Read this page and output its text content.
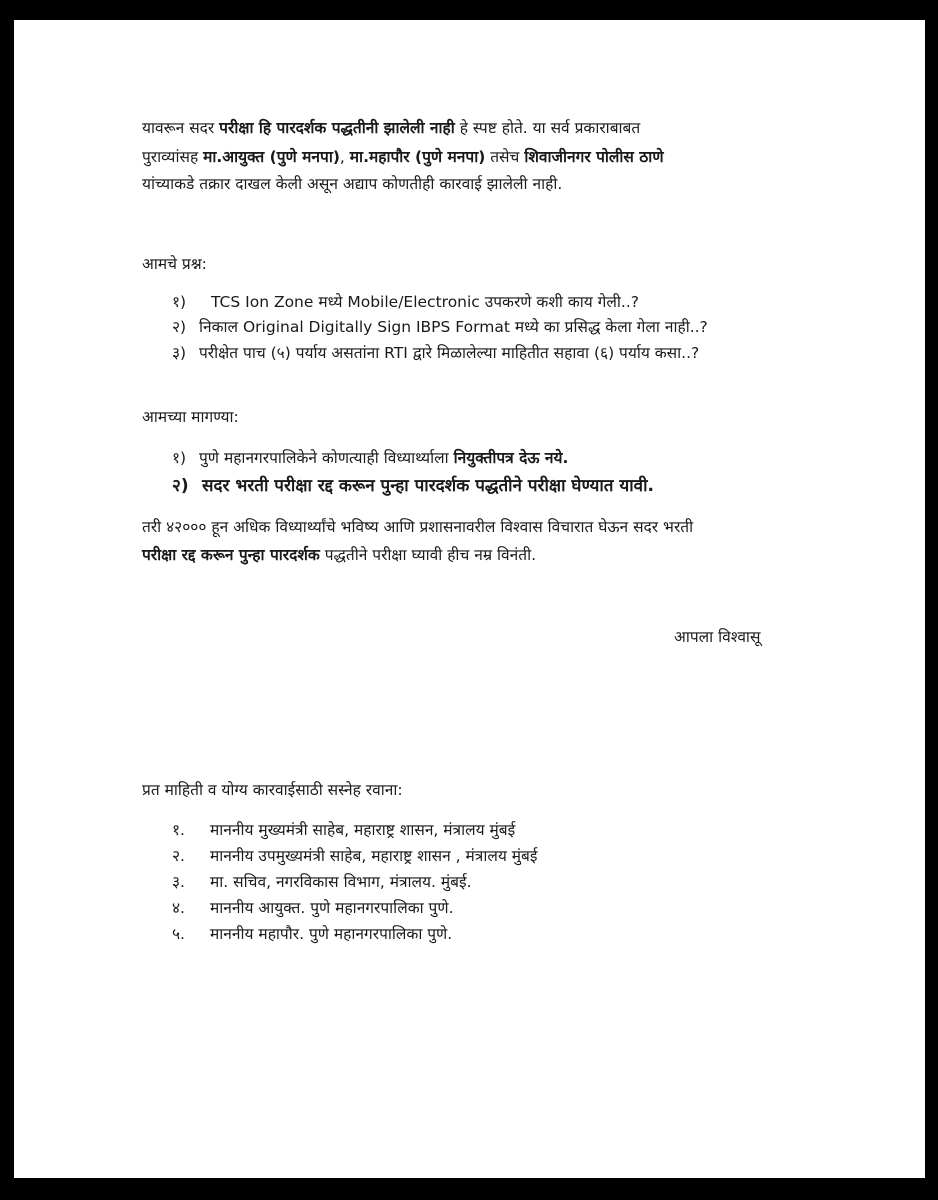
यावरून सदर परीक्षा हि पारदर्शक पद्धतीनी झालेली नाही हे स्पष्ट होते. या सर्व प्रकाराबाबत
पुराव्यांसह मा.आयुक्त (पुणे मनपा), मा.महापौर (पुणे मनपा) तसेच शिवाजीनगर पोलीस ठाणे
यांच्याकडे तक्रार दाखल केली असून अद्याप कोणतीही कारवाई झालेली नाही.
आमचे प्रश्न:
१) TCS Ion Zone मध्ये Mobile/Electronic उपकरणे कशी काय गेली..?
२) निकाल Original Digitally Sign IBPS Format मध्ये का प्रसिद्ध केला गेला नाही..?
३) परीक्षेत पाच (५) पर्याय असतांना RTI द्वारे मिळालेल्या माहितीत सहावा (६) पर्याय कसा..?
आमच्या मागण्या:
१) पुणे महानगरपालिकेने कोणत्याही विध्यार्थ्याला नियुक्तीपत्र देऊ नये.
२) सदर भरती परीक्षा रद्द करून पुन्हा पारदर्शक पद्धतीने परीक्षा घेण्यात यावी.
तरी ४२००० हून अधिक विध्यार्थ्यांचे भविष्य आणि प्रशासनावरील विश्वास विचारात घेऊन सदर भरती
परीक्षा रद्द करून पुन्हा पारदर्शक पद्धतीने परीक्षा घ्यावी हीच नम्र विनंती.
आपला विश्वासू
प्रत माहिती व योग्य कारवाईसाठी सस्नेह रवाना:
१. माननीय मुख्यमंत्री साहेब, महाराष्ट्र शासन, मंत्रालय मुंबई
२. माननीय उपमुख्यमंत्री साहेब, महाराष्ट्र शासन , मंत्रालय मुंबई
३. मा. सचिव, नगरविकास विभाग, मंत्रालय. मुंबई.
४. माननीय आयुक्त. पुणे महानगरपालिका पुणे.
५. माननीय महापौर. पुणे महानगरपालिका पुणे.
